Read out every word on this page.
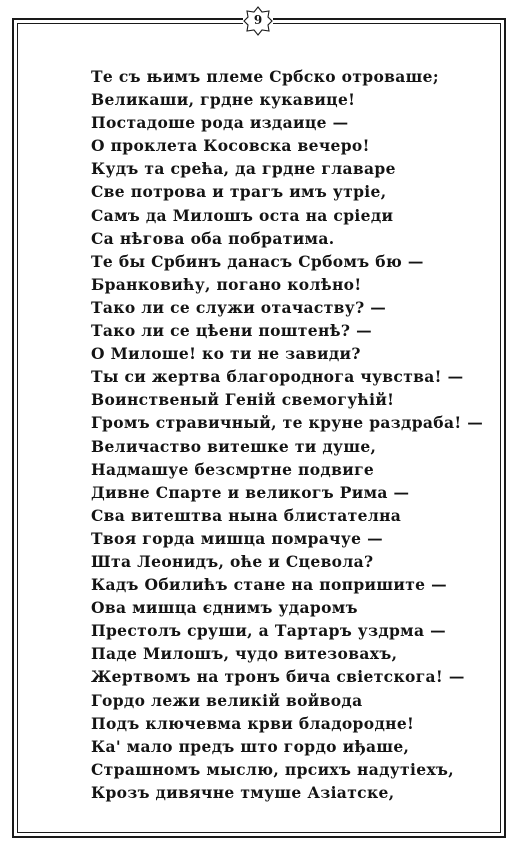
9
Те съ њимъ племе Србско отроваше;
Великаши, грдне кукавице!
Постадоше рода издаице —
О проклета Косовска вечеро!
Кудъ та срећа, да грдне главаре
Све потрова и трагъ имъ утріе,
Самъ да Милошъ оста на сріеди
Са нѣгова оба побратима.
Те бы Србинъ данасъ Србомъ бю —
Бранковићу, погано колѣно!
Тако ли се служи отачаству? —
Тако ли се цѣени поштенѣ? —
О Милоше! ко ти не завиди?
Ты си жертва благороднога чувства! —
Воинственый Геній свемогућій!
Громъ стравичный, те круне раздраба! —
Величаство витешке ти душе,
Надмашуе безсмртне подвиге
Дивне Спарте и великогъ Рима —
Сва витештва нына блистателна
Твоя горда мишца помрачуе —
Шта Леонидъ, оће и Сцевола?
Кадъ Обилићъ стане на попришите —
Ова мишца єднимъ ударомъ
Престолъ сруши, а Тартаръ уздрма —
Паде Милошъ, чудо витезовахъ,
Жертвомъ на тронъ бича свіетскога! —
Гордо лежи великій войвода
Подъ ключевма крви бладородне!
Ка' мало предъ што гордо иђаше,
Страшномъ мыслю, прсихъ надутіехъ,
Крозъ дивячне тмуше Азіатске,
